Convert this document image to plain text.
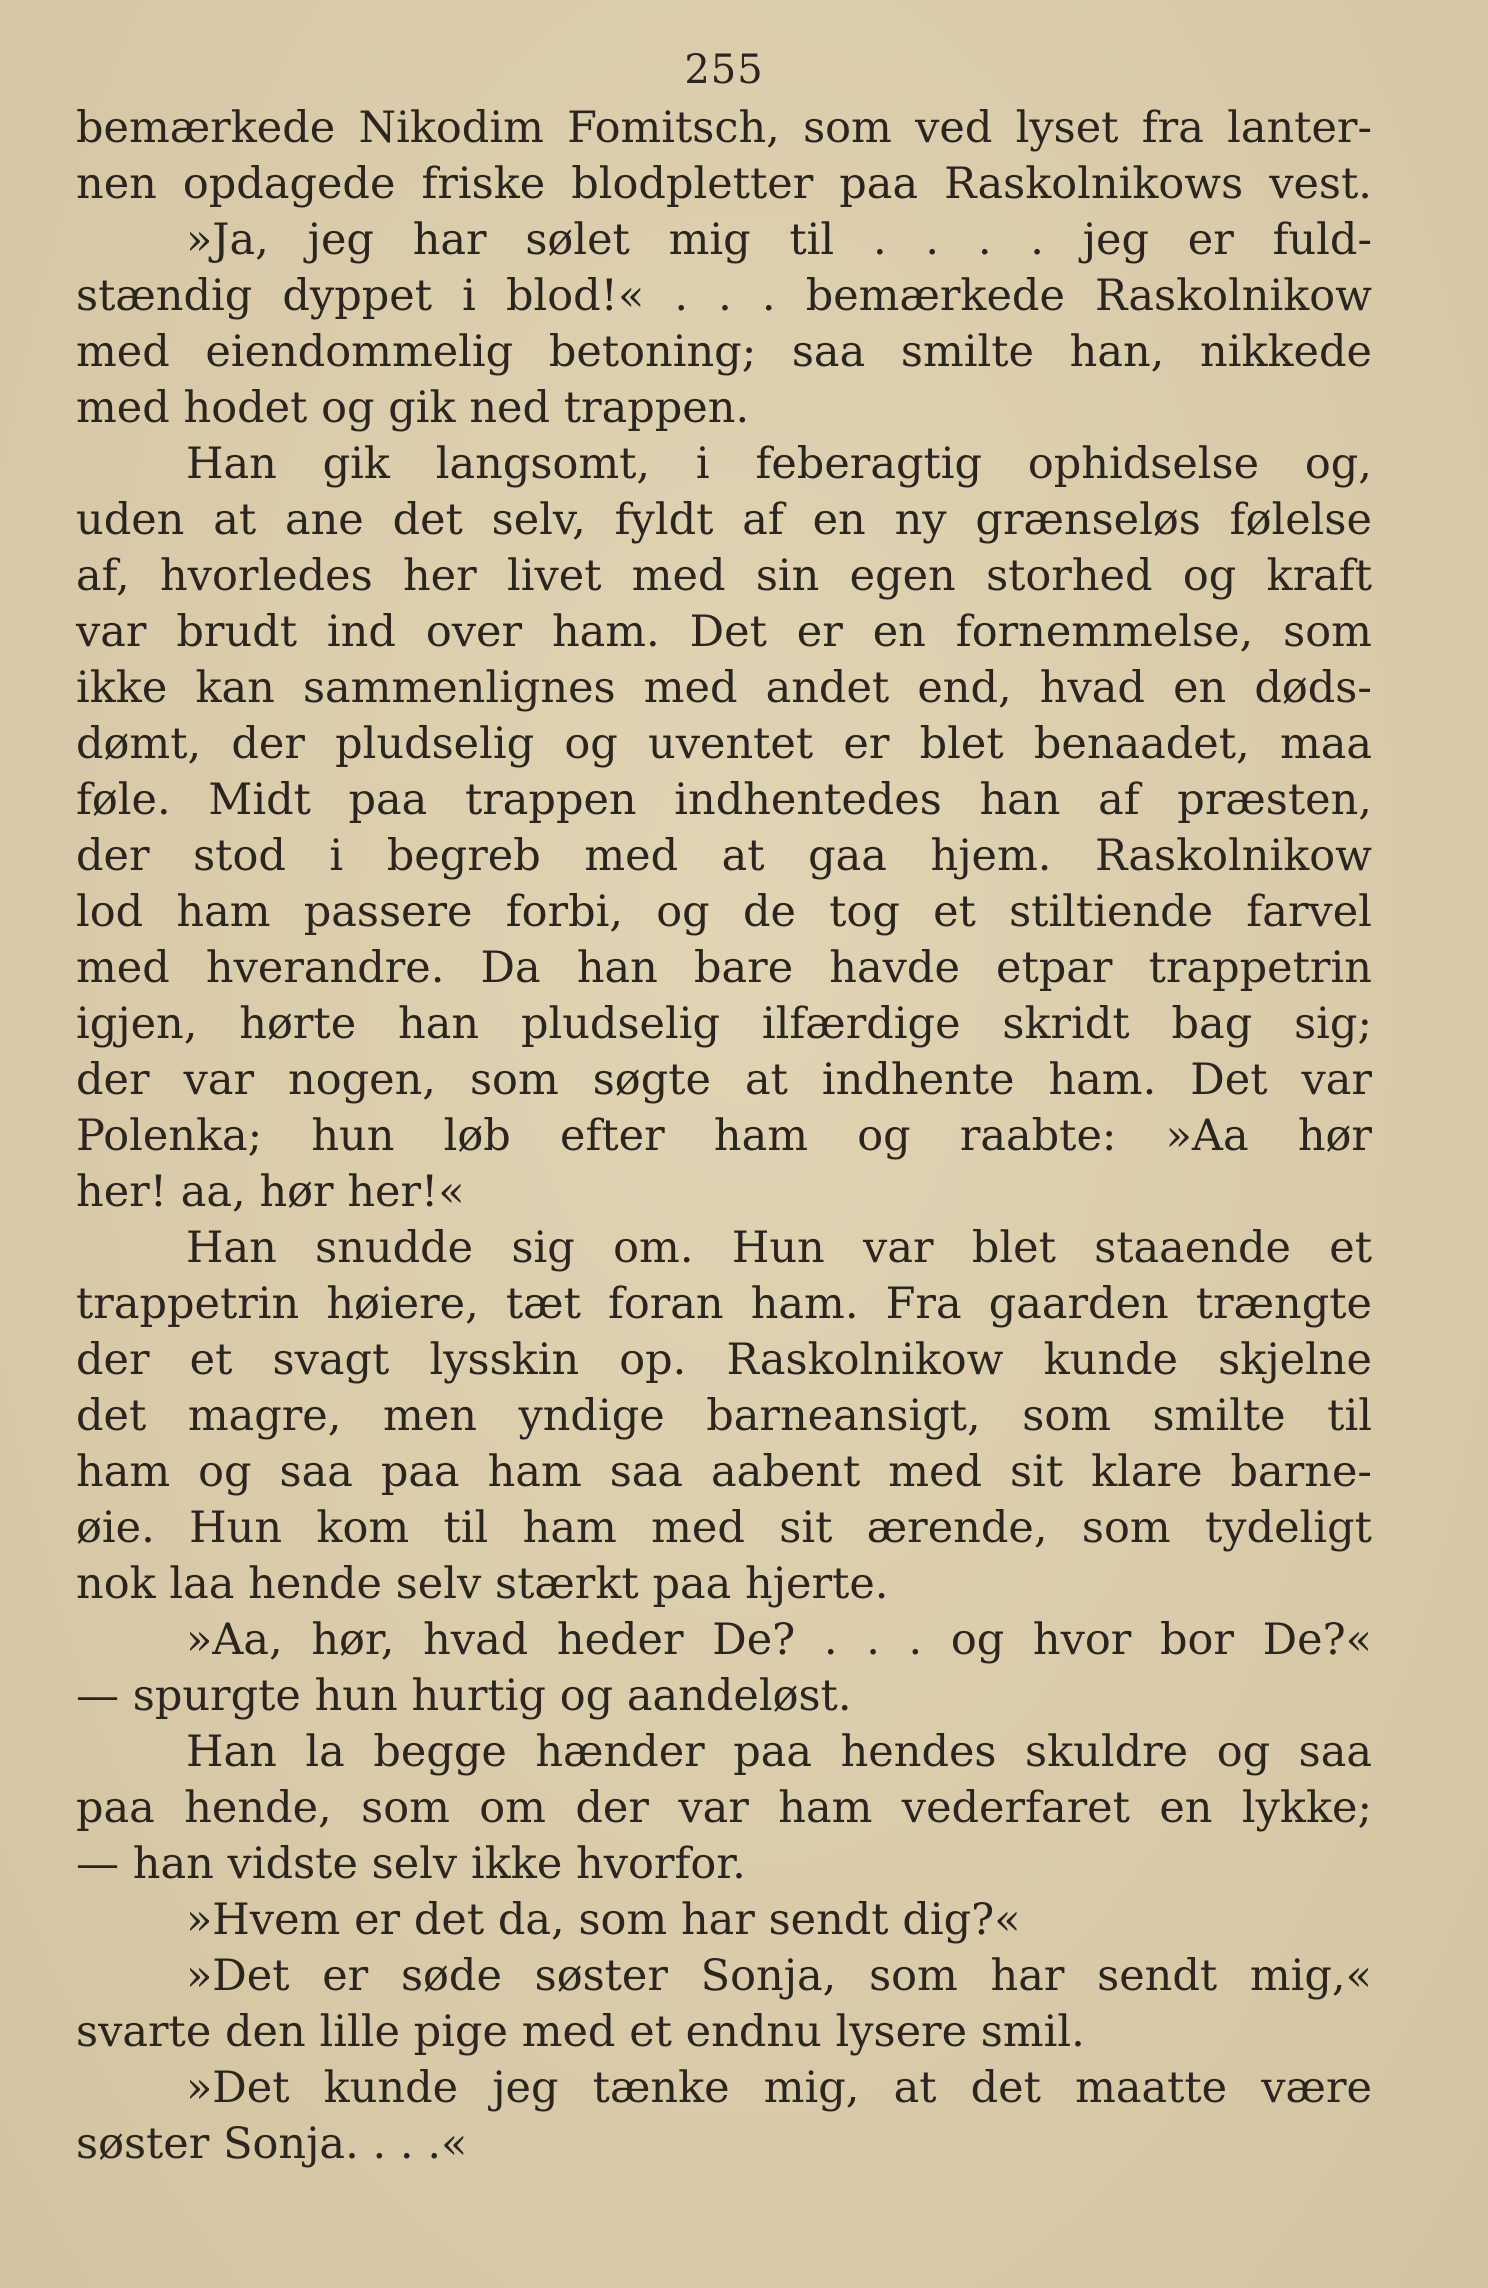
255
bemærkede Nikodim Fomitsch, som ved lyset fra lanter-
nen opdagede friske blodpletter paa Raskolnikows vest.
»Ja, jeg har sølet mig til . . . . jeg er fuld-
stændig dyppet i blod!« . . . bemærkede Raskolnikow
med eiendommelig betoning; saa smilte han, nikkede
med hodet og gik ned trappen.
Han gik langsomt, i feberagtig ophidselse og,
uden at ane det selv, fyldt af en ny grænseløs følelse
af, hvorledes her livet med sin egen storhed og kraft
var brudt ind over ham. Det er en fornemmelse, som
ikke kan sammenlignes med andet end, hvad en døds-
dømt, der pludselig og uventet er blet benaadet, maa
føle. Midt paa trappen indhentedes han af præsten,
der stod i begreb med at gaa hjem. Raskolnikow
lod ham passere forbi, og de tog et stiltiende farvel
med hverandre. Da han bare havde etpar trappetrin
igjen, hørte han pludselig ilfærdige skridt bag sig;
der var nogen, som søgte at indhente ham. Det var
Polenka; hun løb efter ham og raabte: »Aa hør
her! aa, hør her!«
Han snudde sig om. Hun var blet staaende et
trappetrin høiere, tæt foran ham. Fra gaarden trængte
der et svagt lysskin op. Raskolnikow kunde skjelne
det magre, men yndige barneansigt, som smilte til
ham og saa paa ham saa aabent med sit klare barne-
øie. Hun kom til ham med sit ærende, som tydeligt
nok laa hende selv stærkt paa hjerte.
»Aa, hør, hvad heder De? . . . og hvor bor De?«
— spurgte hun hurtig og aandeløst.
Han la begge hænder paa hendes skuldre og saa
paa hende, som om der var ham vederfaret en lykke;
— han vidste selv ikke hvorfor.
»Hvem er det da, som har sendt dig?«
»Det er søde søster Sonja, som har sendt mig,«
svarte den lille pige med et endnu lysere smil.
»Det kunde jeg tænke mig, at det maatte være
søster Sonja. . . .«
